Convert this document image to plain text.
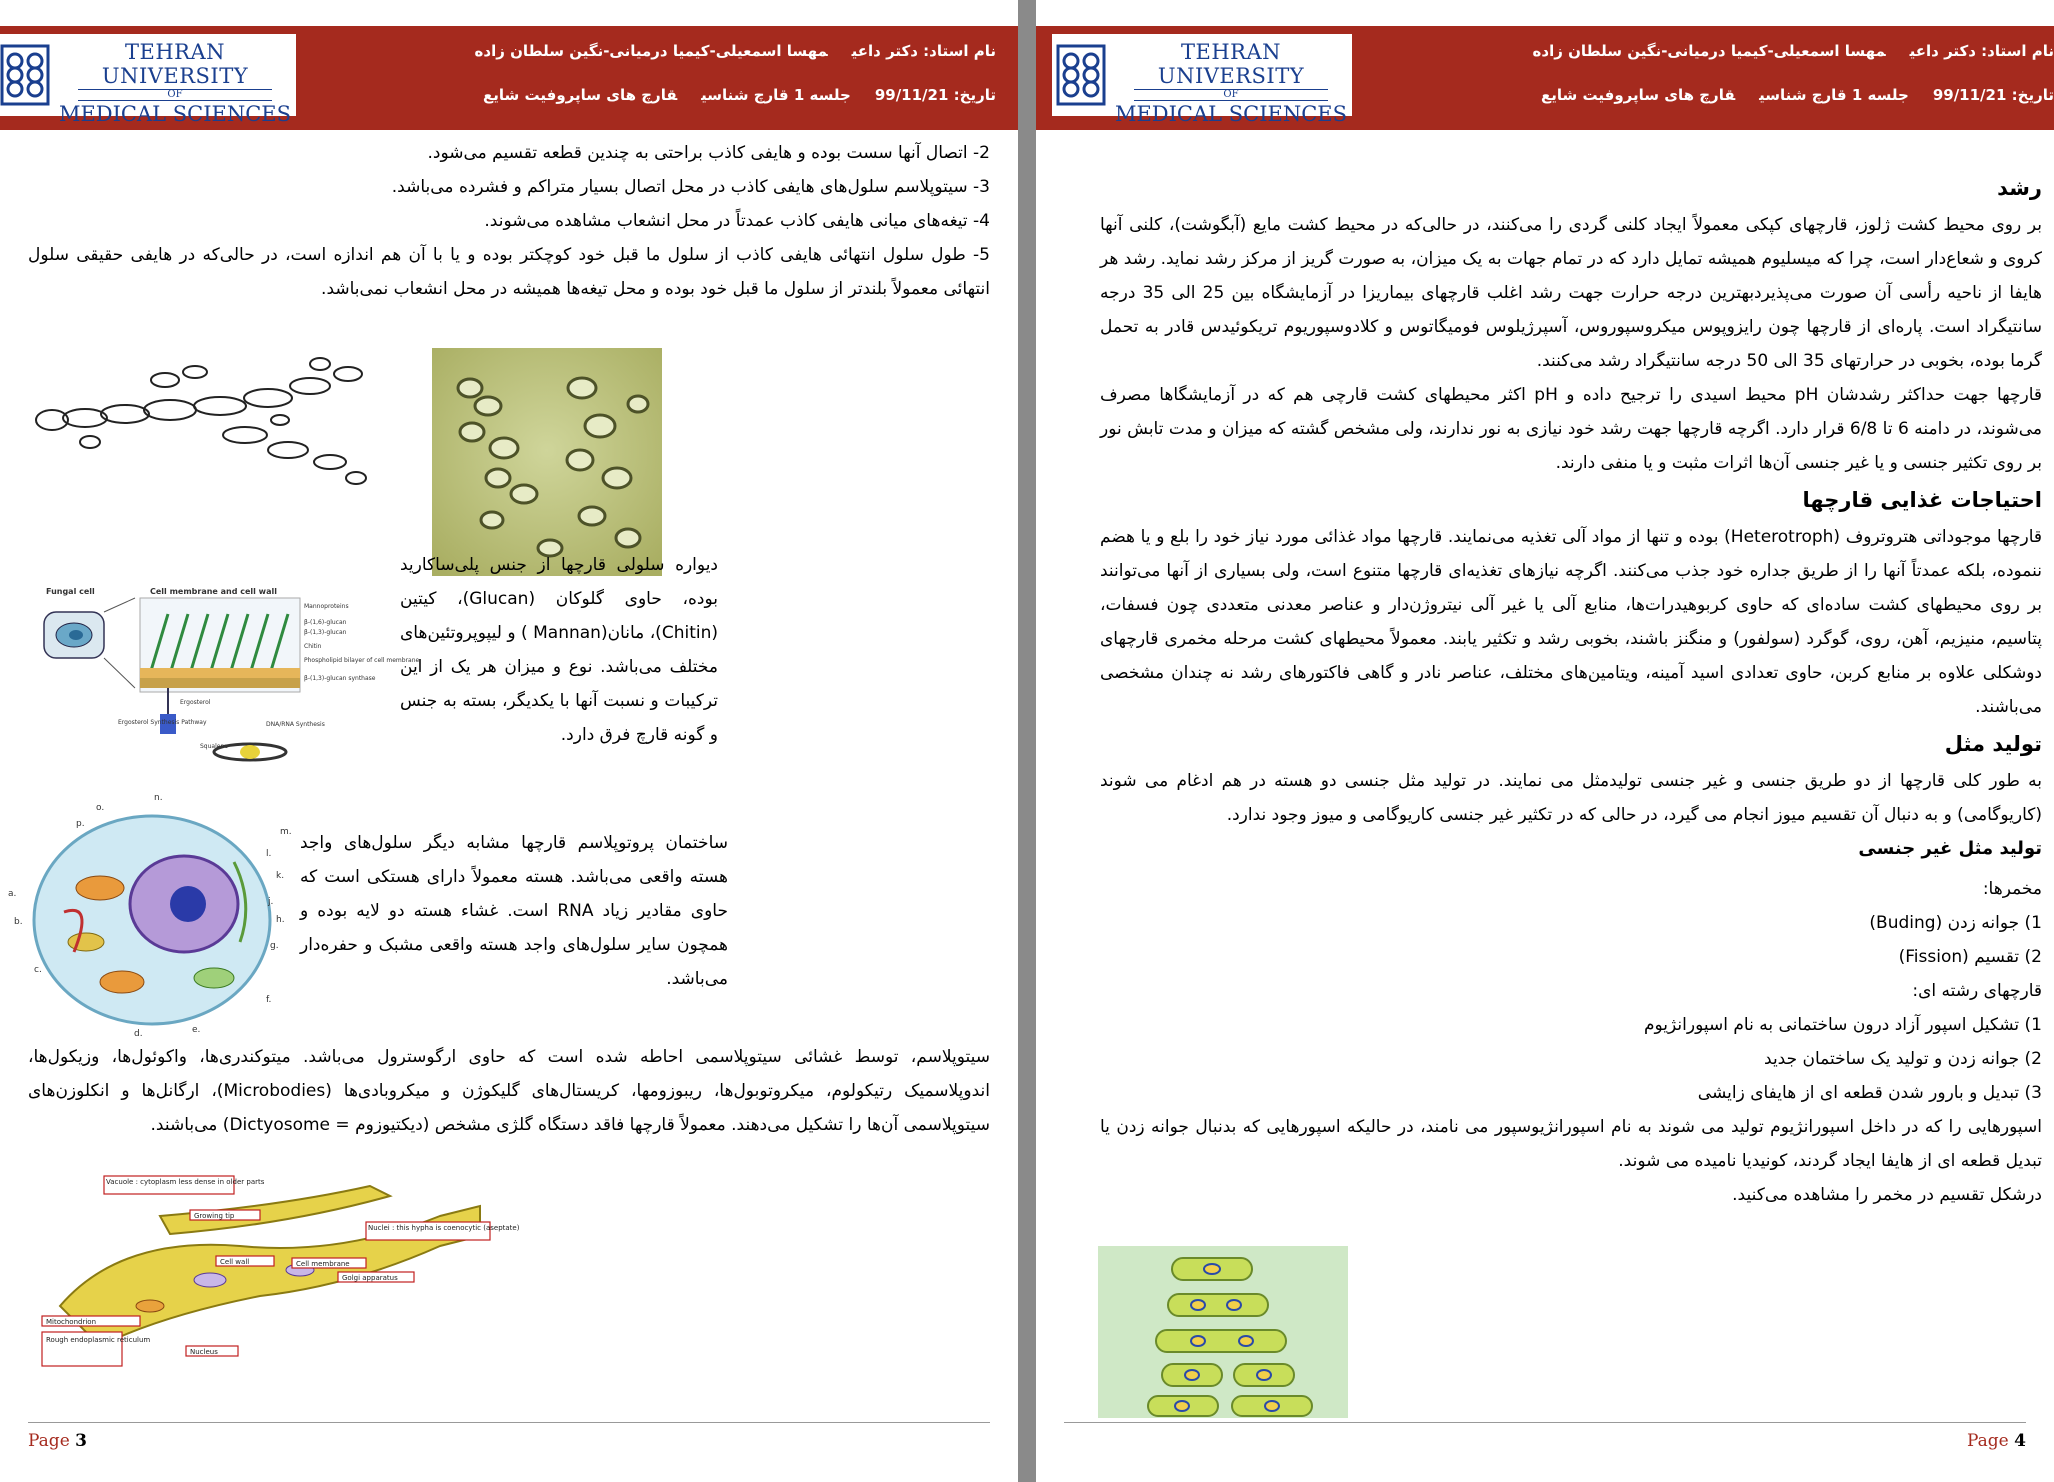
TEHRAN UNIVERSITY
OF
MEDICAL SCIENCES
نام استاد: دکتر داعیمهسا اسمعیلی-کیمیا درمیانی-نگین سلطان زاده
تاریخ: 99/11/21جلسه 1 قارچ شناسیقارچ های ساپروفیت شایع

2- اتصال آنها سست بوده و هایفی کاذب براحتی به چندین قطعه تقسیم می‌شود.

3- سیتوپلاسم سلول‌های هایفی کاذب در محل اتصال بسیار متراکم و فشرده می‌باشد.

4- تیغه‌های میانی هایفی کاذب عمدتاً در محل انشعاب مشاهده می‌شوند.

5- طول سلول انتهائی هایفی کاذب از سلول ما قبل خود کوچکتر بوده و یا با آن هم اندازه است، در حالی‌که در هایفی حقیقی سلول انتهائی معمولاً بلندتر از سلول ما قبل خود بوده و محل تیغه‌ها همیشه در محل انشعاب نمی‌باشد.

Fungal cell	Cell membrane and cell wall
Mannoproteins
β-(1,6)-glucan
β-(1,3)-glucan
Chitin
Phospholipid bilayer of cell membrane
β-(1,3)-glucan synthase
Ergosterol
Ergosterol Synthesis Pathway
Squalene
DNA/RNA Synthesis

دیواره سلولی قارچها از جنس پلی‌ساکارید بوده، حاوی گلوکان (Glucan)، کیتین (Chitin)، مانان(Mannan ) و لیپوپروتئین‌های مختلف می‌باشد. نوع و میزان هر یک از این ترکیبات و نسبت آنها با یکدیگر، بسته به جنس و گونه قارچ فرق دارد.

n.
o.
p.
m.
l.
k.
j.
h.
g.
f.
e.
d.
c.
b.
a.

ساختمان پروتوپلاسم قارچها مشابه دیگر سلول‌های واجد هسته واقعی می‌باشد. هسته معمولاً دارای هستکی است که حاوی مقادیر زیاد RNA است. غشاء هسته دو لایه بوده و همچون سایر سلول‌های واجد هسته واقعی مشبک و حفره‌دار می‌باشد.

سیتوپلاسم، توسط غشائی سیتوپلاسمی احاطه شده است که حاوی ارگوسترول می‌باشد. میتوکندری‌ها، واکوئول‌ها، وزیکول‌ها، اندوپلاسمیک رتیکولوم، میکروتوبول‌ها، ریبوزومها، کریستال‌های گلیکوژن و میکروبادی‌ها (Microbodies)، ارگانل‌ها و انکلوزن‌های سیتوپلاسمی آن‌ها را تشکیل می‌دهند. معمولاً قارچها فاقد دستگاه گلژی مشخص (دیکتیوزوم = Dictyosome) می‌باشند.

Vacuole : cytoplasm less dense in older parts
Growing tip
Nuclei : this hypha is coenocytic (aseptate)
Cell wall	Cell membrane
Golgi apparatus
Mitochondrion
Rough endoplasmic reticulum
Nucleus
Page 3
TEHRAN UNIVERSITY
OF
MEDICAL SCIENCES
نام استاد: دکتر داعیمهسا اسمعیلی-کیمیا درمیانی-نگین سلطان زاده
تاریخ: 99/11/21جلسه 1 قارچ شناسیقارچ های ساپروفیت شایع

رشد

بر روی محیط کشت ژلوز، قارچهای کپکی معمولاً ایجاد کلنی گردی را می‌کنند، در حالی‌که در محیط کشت مایع (آبگوشت)، کلنی آنها کروی و شعاع‌دار است، چرا که میسلیوم همیشه تمایل دارد که در تمام جهات به یک میزان، به صورت گریز از مرکز رشد نماید. رشد هر هایفا از ناحیه رأسی آن صورت می‌پذیردبهترین درجه حرارت جهت رشد اغلب قارچهای بیماریزا در آزمایشگاه بین 25 الی 35 درجه سانتیگراد است. پاره‌ای از قارچها چون رایزوپوس میکروسپوروس، آسپرژیلوس فومیگاتوس و کلادوسپوریوم تریکوئیدس قادر به تحمل گرما بوده، بخوبی در حرارتهای 35 الی 50 درجه سانتیگراد رشد می‌کنند.

قارچها جهت حداکثر رشدشان pH محیط اسیدی را ترجیح داده و pH اکثر محیطهای کشت قارچی هم که در آزمایشگاها مصرف می‌شوند، در دامنه 6 تا 6/8 قرار دارد. اگرچه قارچها جهت رشد خود نیازی به نور ندارند، ولی مشخص گشته که میزان و مدت تابش نور بر روی تکثیر جنسی و یا غیر جنسی آن‌ها اثرات مثبت و یا منفی دارند.

احتیاجات غذایی قارچها

قارچها موجوداتی هتروتروف (Heterotroph) بوده و تنها از مواد آلی تغذیه می‌نمایند. قارچها مواد غذائی مورد نیاز خود را بلع و یا هضم ننموده، بلکه عمدتاً آنها را از طریق جداره خود جذب می‌کنند. اگرچه نیازهای تغذیه‌ای قارچها متنوع است، ولی بسیاری از آنها می‌توانند بر روی محیطهای کشت ساده‌ای که حاوی کربوهیدرات‌ها، منابع آلی یا غیر آلی نیتروژن‌دار و عناصر معدنی متعددی چون فسفات، پتاسیم، منیزیم، آهن، روی، گوگرد (سولفور) و منگنز باشند، بخوبی رشد و تکثیر یابند. معمولاً محیطهای کشت مرحله مخمری قارچهای دوشکلی علاوه بر منابع کربن، حاوی تعدادی اسید آمینه، ویتامین‌های مختلف، عناصر نادر و گاهی فاکتورهای رشد نه چندان مشخصی می‌باشند.

تولید مثل

به طور کلی قارچها از دو طریق جنسی و غیر جنسی تولیدمثل می نمایند. در تولید مثل جنسی دو هسته در هم ادغام می شوند (کاریوگامی) و به دنبال آن تقسیم میوز انجام می گیرد، در حالی که در تکثیر غیر جنسی کاریوگامی و میوز وجود ندارد.

تولید مثل غیر جنسی

مخمرها:

1) جوانه زدن (Buding)

2) تقسیم (Fission)

قارچهای رشته ای:

1) تشکیل اسپور آزاد درون ساختمانی به نام اسپورانژیوم

2) جوانه زدن و تولید یک ساختمان جدید

3) تبدیل و بارور شدن قطعه ای از هایفای زایشی

اسپورهایی را که در داخل اسپورانژیوم تولید می شوند به نام اسپورانژیوسپور می نامند، در حالیکه اسپورهایی که بدنبال جوانه زدن یا تبدیل قطعه ای از هایفا ایجاد گردند، کونیدیا نامیده می شوند.

درشکل تقسیم در مخمر را مشاهده می‌کنید.

Page 4
